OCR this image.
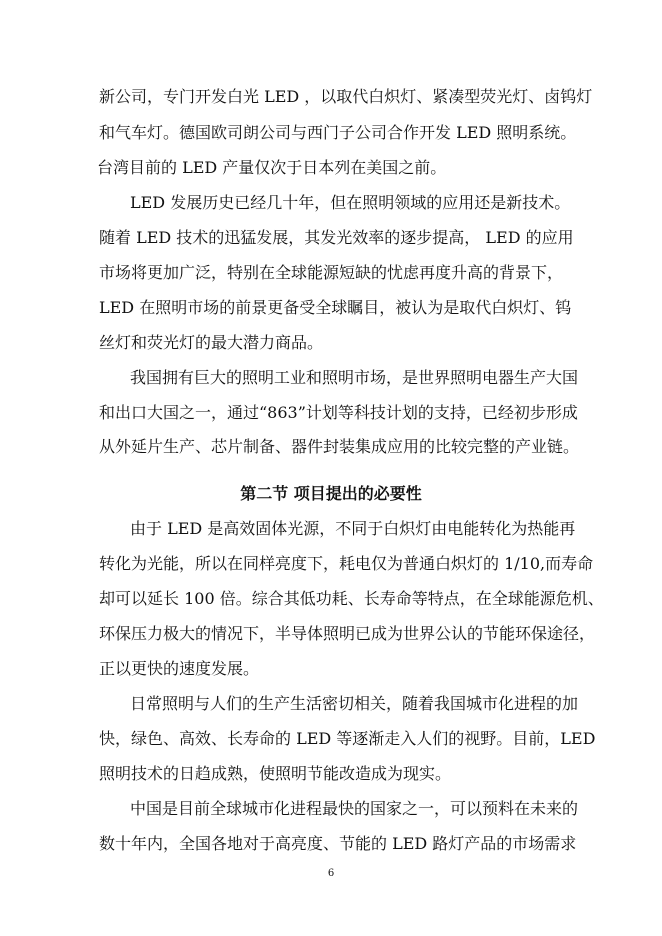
新公司，专门开发白光 LED ，以取代白炽灯、紧凑型荧光灯、卤钨灯
和气车灯。德国欧司朗公司与西门子公司合作开发 LED 照明系统。
台湾目前的 LED 产量仅次于日本列在美国之前。
LED 发展历史已经几十年，但在照明领域的应用还是新技术。
随着 LED 技术的迅猛发展，其发光效率的逐步提高， LED 的应用
市场将更加广泛，特别在全球能源短缺的忧虑再度升高的背景下，
LED 在照明市场的前景更备受全球瞩目，被认为是取代白炽灯、钨
丝灯和荧光灯的最大潜力商品。
我国拥有巨大的照明工业和照明市场，是世界照明电器生产大国
和出口大国之一，通过“863”计划等科技计划的支持，已经初步形成
从外延片生产、芯片制备、器件封装集成应用的比较完整的产业链。
第二节 项目提出的必要性
由于 LED 是高效固体光源，不同于白炽灯由电能转化为热能再
转化为光能，所以在同样亮度下，耗电仅为普通白炽灯的 1/10,而寿命
却可以延长 100 倍。综合其低功耗、长寿命等特点，在全球能源危机、
环保压力极大的情况下，半导体照明已成为世界公认的节能环保途径，
正以更快的速度发展。
日常照明与人们的生产生活密切相关，随着我国城市化进程的加
快，绿色、高效、长寿命的 LED 等逐渐走入人们的视野。目前，LED
照明技术的日趋成熟，使照明节能改造成为现实。
中国是目前全球城市化进程最快的国家之一，可以预料在未来的
数十年内，全国各地对于高亮度、节能的 LED 路灯产品的市场需求
6
